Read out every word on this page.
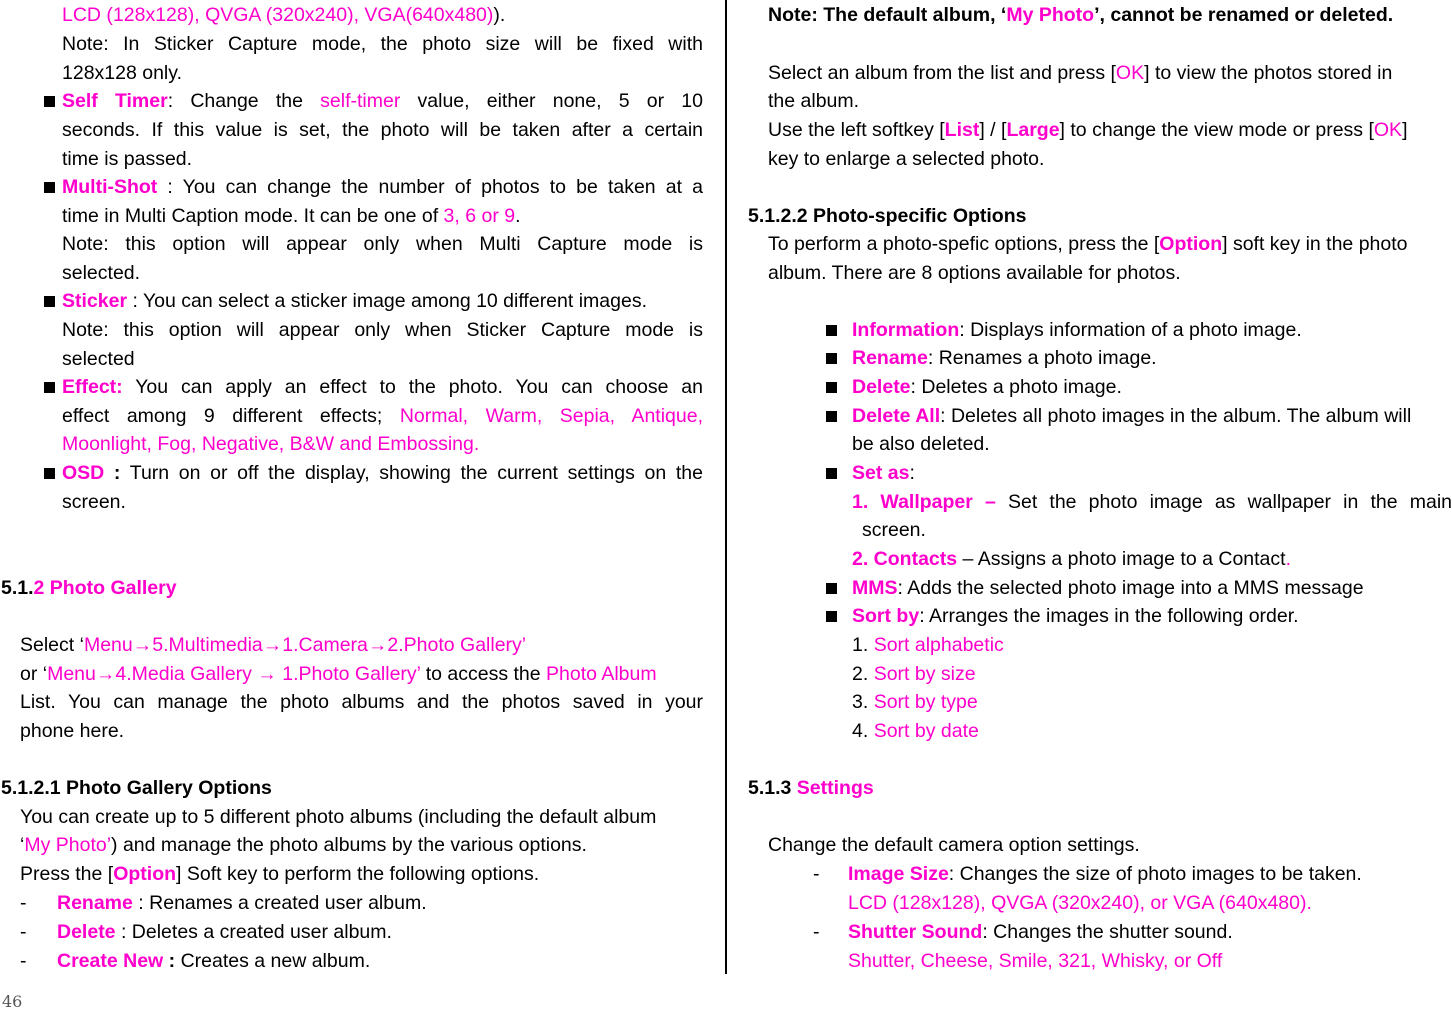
LCD (128x128), QVGA (320x240), VGA(640x480)).
Note: In Sticker Capture mode, the photo size will be fixed with
128x128 only.
Self Timer: Change the self-timer value, either none, 5 or 10
seconds. If this value is set, the photo will be taken after a certain
time is passed.
Multi-Shot : You can change the number of photos to be taken at a
time in Multi Caption mode. It can be one of 3, 6 or 9.
Note: this option will appear only when Multi Capture mode is
selected.
Sticker : You can select a sticker image among 10 different images.
Note: this option will appear only when Sticker Capture mode is
selected
Effect: You can apply an effect to the photo. You can choose an
effect among 9 different effects; Normal, Warm, Sepia, Antique,
Moonlight, Fog, Negative, B&W and Embossing.
OSD : Turn on or off the display, showing the current settings on the
screen.
5.1.2 Photo Gallery
Select ‘Menu→5.Multimedia→1.Camera→2.Photo Gallery’
or ‘Menu→4.Media Gallery → 1.Photo Gallery’ to access the Photo Album
List. You can manage the photo albums and the photos saved in your
phone here.
5.1.2.1 Photo Gallery Options
You can create up to 5 different photo albums (including the default album
‘My Photo’) and manage the photo albums by the various options.
Press the [Option] Soft key to perform the following options.
- Rename : Renames a created user album.
- Delete : Deletes a created user album.
- Create New : Creates a new album.
Note: The default album, ‘My Photo’, cannot be renamed or deleted.
Select an album from the list and press [OK] to view the photos stored in
the album.
Use the left softkey [List] / [Large] to change the view mode or press [OK]
key to enlarge a selected photo.
5.1.2.2 Photo-specific Options
To perform a photo-spefic options, press the [Option] soft key in the photo
album. There are 8 options available for photos.
Information: Displays information of a photo image.
Rename: Renames a photo image.
Delete: Deletes a photo image.
Delete All: Deletes all photo images in the album. The album will
be also deleted.
Set as:
1. Wallpaper – Set the photo image as wallpaper in the main
screen.
2. Contacts – Assigns a photo image to a Contact.
MMS: Adds the selected photo image into a MMS message
Sort by: Arranges the images in the following order.
1. Sort alphabetic
2. Sort by size
3. Sort by type
4. Sort by date
5.1.3 Settings
Change the default camera option settings.
- Image Size: Changes the size of photo images to be taken.
LCD (128x128), QVGA (320x240), or VGA (640x480).
- Shutter Sound: Changes the shutter sound.
Shutter, Cheese, Smile, 321, Whisky, or Off
46
